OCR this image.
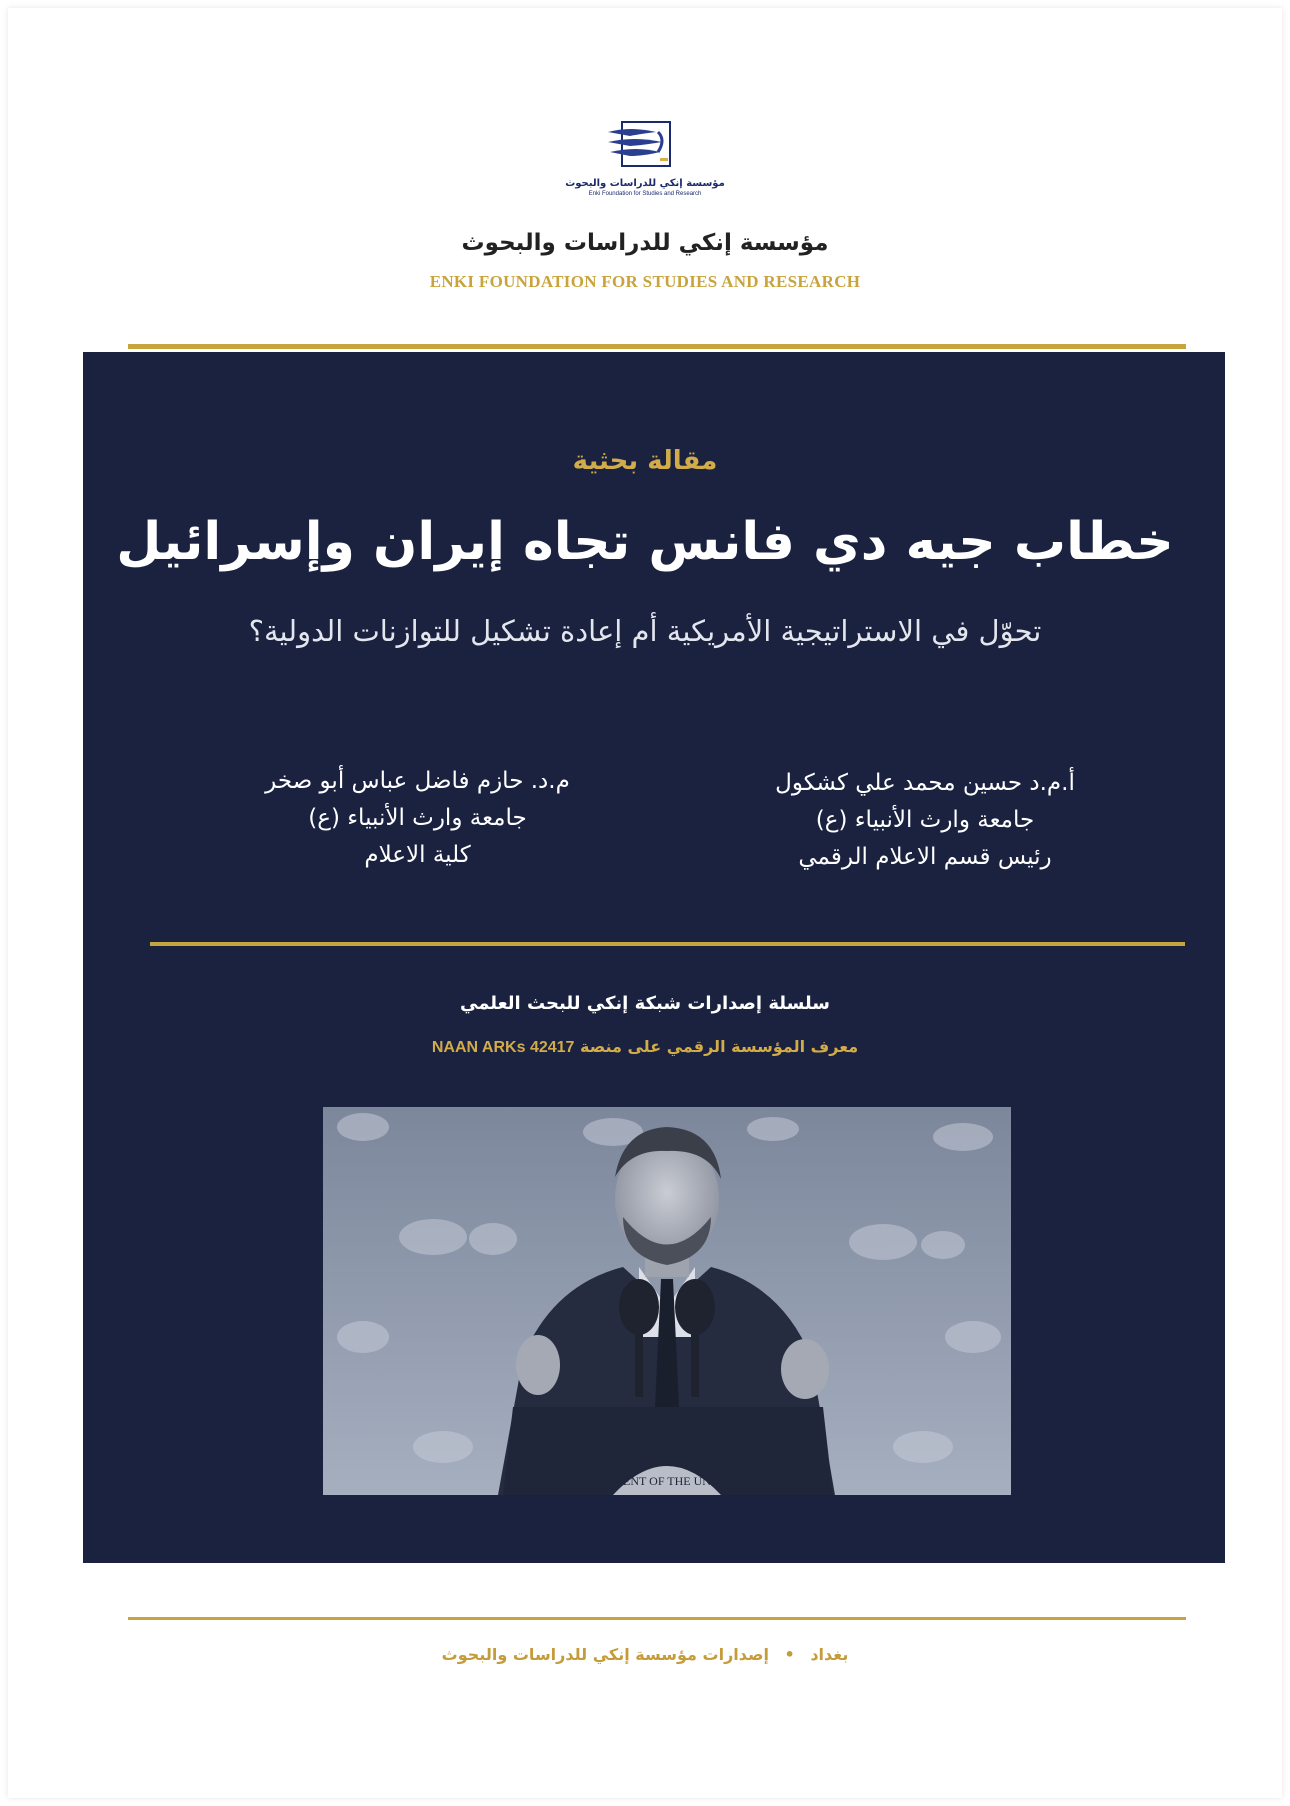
مؤسسة إنكي للدراسات والبحوث
Enki Foundation for Studies and Research
مؤسسة إنكي للدراسات والبحوث
ENKI FOUNDATION FOR STUDIES AND RESEARCH
مقالة بحثية
خطاب جيه دي فانس تجاه إيران وإسرائيل
تحوّل في الاستراتيجية الأمريكية أم إعادة تشكيل للتوازنات الدولية؟
أ.م.د حسين محمد علي كشكول
جامعة وارث الأنبياء (ع)
رئيس قسم الاعلام الرقمي
م.د. حازم فاضل عباس أبو صخر
جامعة وارث الأنبياء (ع)
كلية الاعلام
سلسلة إصدارات شبكة إنكي للبحث العلمي
معرف المؤسسة الرقمي على منصة NAAN ARKs 42417
ENT OF THE UN
بغداد • إصدارات مؤسسة إنكي للدراسات والبحوث
